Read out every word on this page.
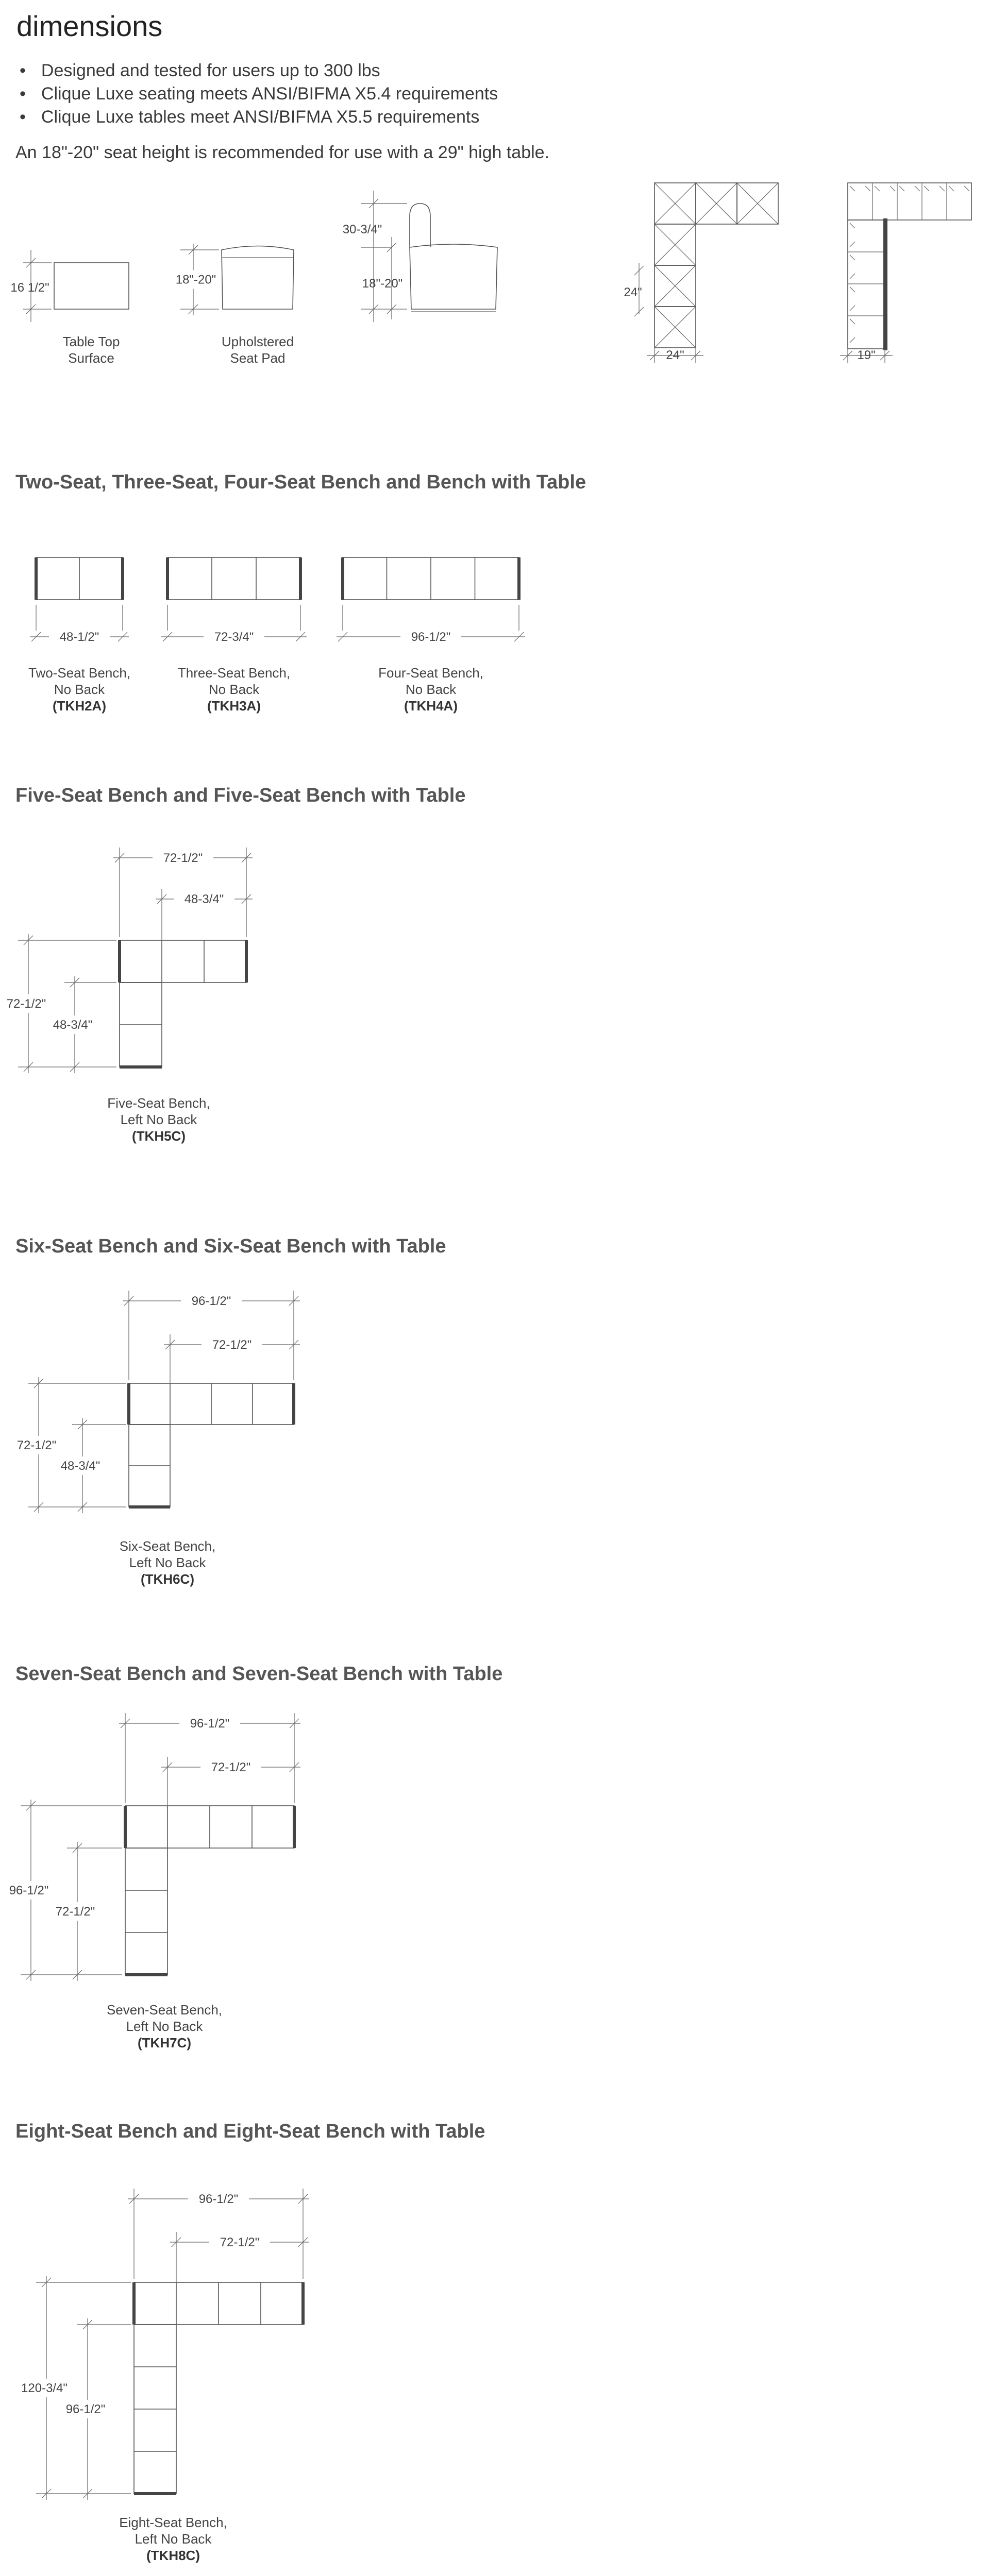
dimensions
• Designed and tested for users up to 300 lbs
• Clique Luxe seating meets ANSI/BIFMA X5.4 requirements
• Clique Luxe tables meet ANSI/BIFMA X5.5 requirements
An 18"-20" seat height is recommended for use with a 29" high table.
Two-Seat, Three-Seat, Four-Seat Bench and Bench with Table
Five-Seat Bench and Five-Seat Bench with Table
Six-Seat Bench and Six-Seat Bench with Table
Seven-Seat Bench and Seven-Seat Bench with Table
Eight-Seat Bench and Eight-Seat Bench with Table
16 1/2"
Table Top
Surface
18"-20"
Upholstered
Seat Pad
30-3/4"
18"-20"
24"
24"	19"
48-1/2"
Two-Seat Bench,
No Back
(TKH2A)
72-3/4"
Three-Seat Bench,
No Back
(TKH3A)
96-1/2"
Four-Seat Bench,
No Back
(TKH4A)
72-1/2"
48-3/4"
72-1/2"
48-3/4"
Five-Seat Bench,
Left No Back
(TKH5C)
96-1/2"
72-1/2"
72-1/2"
48-3/4"
Six-Seat Bench,
Left No Back
(TKH6C)
96-1/2"
72-1/2"
96-1/2"
72-1/2"
Seven-Seat Bench,
Left No Back
(TKH7C)
96-1/2"
72-1/2"
120-3/4"
96-1/2"
Eight-Seat Bench,
Left No Back
(TKH8C)
